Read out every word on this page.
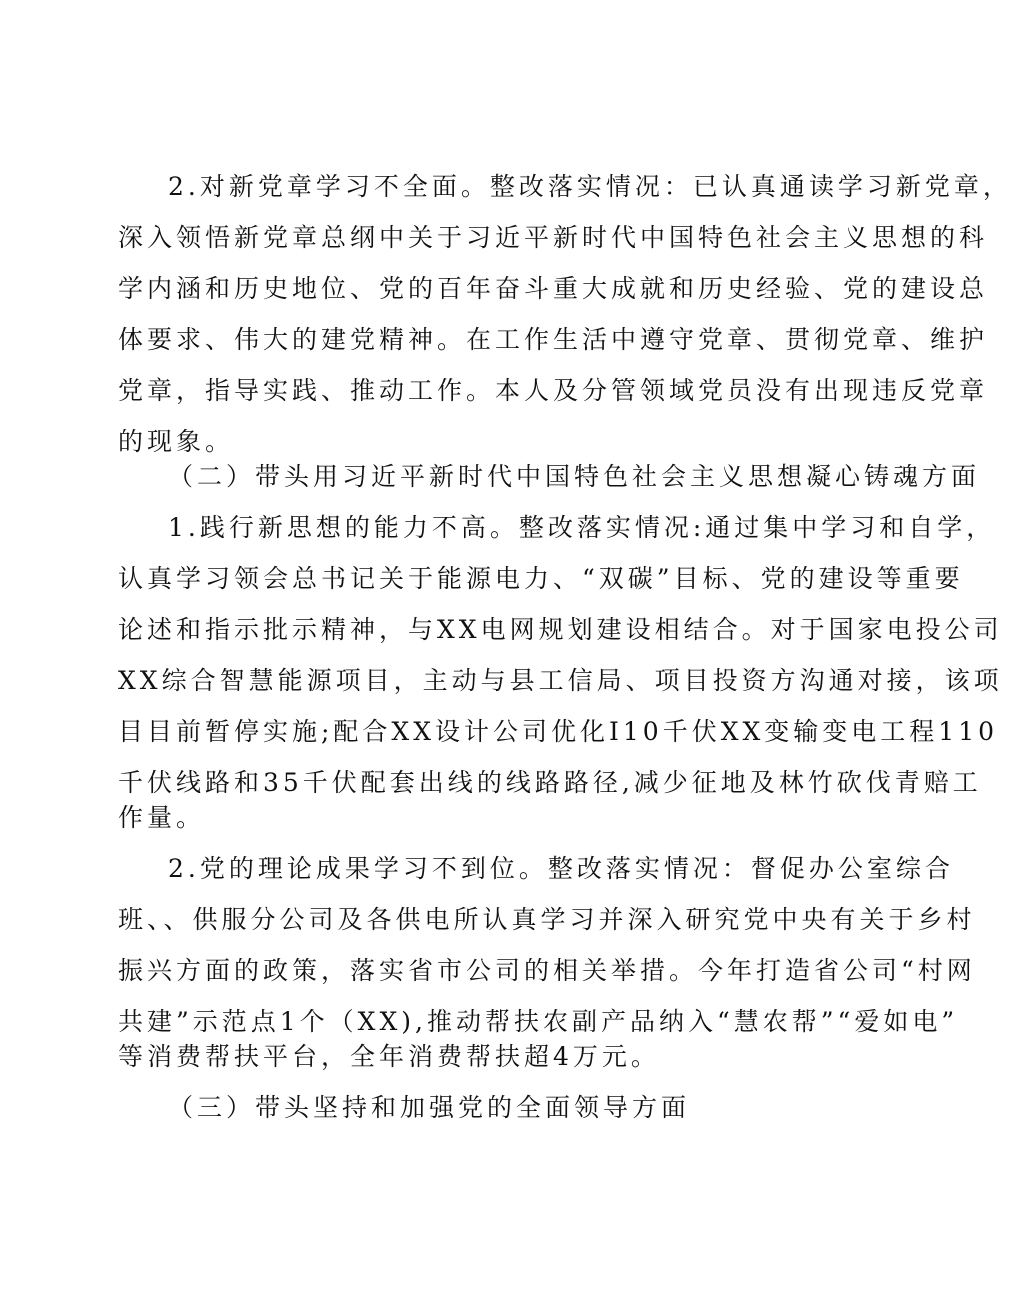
2.对新党章学习不全面。整改落实情况：已认真通读学习新党章，
深入领悟新党章总纲中关于习近平新时代中国特色社会主义思想的科
学内涵和历史地位、党的百年奋斗重大成就和历史经验、党的建设总
体要求、伟大的建党精神。在工作生活中遵守党章、贯彻党章、维护
党章，指导实践、推动工作。本人及分管领域党员没有出现违反党章
的现象。
（二）带头用习近平新时代中国特色社会主义思想凝心铸魂方面
1.践行新思想的能力不高。整改落实情况:通过集中学习和自学，
认真学习领会总书记关于能源电力、“双碳”目标、党的建设等重要
论述和指示批示精神，与XX电网规划建设相结合。对于国家电投公司
XX综合智慧能源项目，主动与县工信局、项目投资方沟通对接，该项
目目前暂停实施;配合XX设计公司优化I10千伏XX变输变电工程110
千伏线路和35千伏配套出线的线路路径,减少征地及林竹砍伐青赔工
作量。
2.党的理论成果学习不到位。整改落实情况：督促办公室综合
班、、供服分公司及各供电所认真学习并深入研究党中央有关于乡村
振兴方面的政策，落实省市公司的相关举措。今年打造省公司“村网
共建”示范点1个（XX),推动帮扶农副产品纳入“慧农帮”“爱如电”
等消费帮扶平台，全年消费帮扶超4万元。
（三）带头坚持和加强党的全面领导方面
